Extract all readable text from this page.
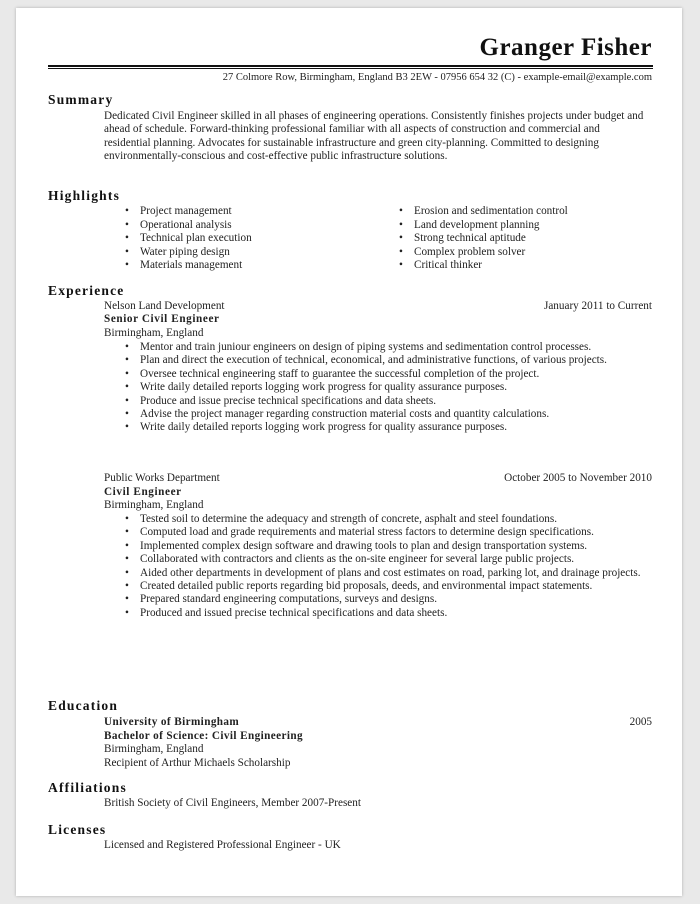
Granger Fisher
27 Colmore Row, Birmingham, England B3 2EW - 07956 654 32 (C) - example-email@example.com
Summary
Dedicated Civil Engineer skilled in all phases of engineering operations. Consistently finishes projects under budget and ahead of schedule. Forward-thinking professional familiar with all aspects of construction and commercial and residential planning. Advocates for sustainable infrastructure and green city-planning. Committed to designing environmentally-conscious and cost-effective public infrastructure solutions.
Highlights
• Project management
• Operational analysis
• Technical plan execution
• Water piping design
• Materials management
• Erosion and sedimentation control
• Land development planning
• Strong technical aptitude
• Complex problem solver
• Critical thinker
Experience
Nelson Land Development	January 2011 to Current
Senior Civil Engineer
Birmingham, England
• Mentor and train juniour engineers on design of piping systems and sedimentation control processes.
• Plan and direct the execution of technical, economical, and administrative functions, of various projects.
• Oversee technical engineering staff to guarantee the successful completion of the project.
• Write daily detailed reports logging work progress for quality assurance purposes.
• Produce and issue precise technical specifications and data sheets.
• Advise the project manager regarding construction material costs and quantity calculations.
• Write daily detailed reports logging work progress for quality assurance purposes.
Public Works Department	October 2005 to November 2010
Civil Engineer
Birmingham, England
• Tested soil to determine the adequacy and strength of concrete, asphalt and steel foundations.
• Computed load and grade requirements and material stress factors to determine design specifications.
• Implemented complex design software and drawing tools to plan and design transportation systems.
• Collaborated with contractors and clients as the on-site engineer for several large public projects.
• Aided other departments in development of plans and cost estimates on road, parking lot, and drainage projects.
• Created detailed public reports regarding bid proposals, deeds, and environmental impact statements.
• Prepared standard engineering computations, surveys and designs.
• Produced and issued precise technical specifications and data sheets.
Education
University of Birmingham	2005
Bachelor of Science: Civil Engineering
Birmingham, England
Recipient of Arthur Michaels Scholarship
Affiliations
British Society of Civil Engineers, Member 2007-Present
Licenses
Licensed and Registered Professional Engineer - UK
